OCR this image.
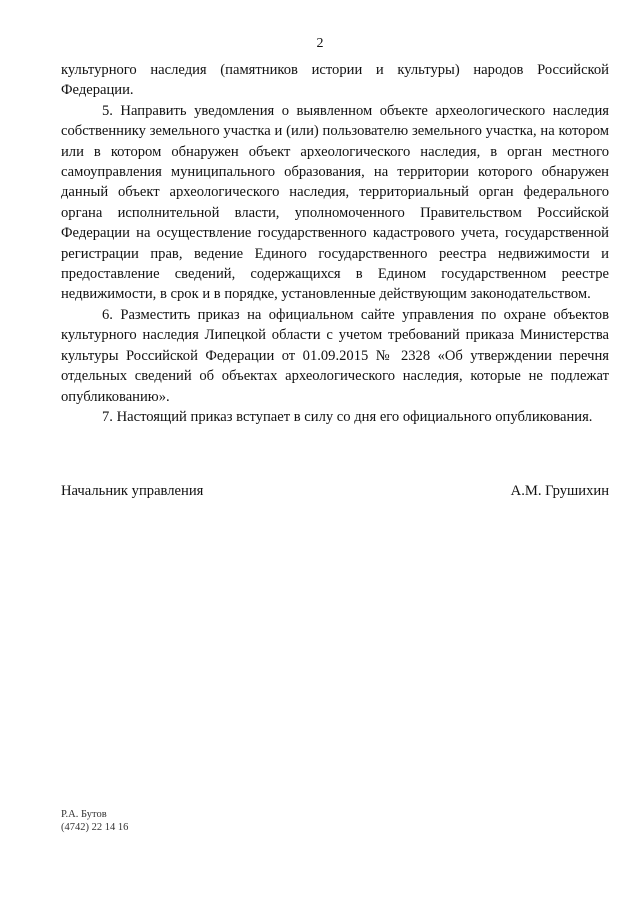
2

культурного наследия (памятников истории и культуры) народов Российской Федерации.

5. Направить уведомления о выявленном объекте археологического наследия собственнику земельного участка и (или) пользователю земельного участка, на котором или в котором обнаружен объект археологического наследия, в орган местного самоуправления муниципального образования, на территории которого обнаружен данный объект археологического наследия, территориальный орган федерального органа исполнительной власти, уполномоченного Правительством Российской Федерации на осуществление государственного кадастрового учета, государственной регистрации прав, ведение Единого государственного реестра недвижимости и предоставление сведений, содержащихся в Едином государственном реестре недвижимости, в срок и в порядке, установленные действующим законодательством.

6. Разместить приказ на официальном сайте управления по охране объектов культурного наследия Липецкой области с учетом требований приказа Министерства культуры Российской Федерации от 01.09.2015 № 2328 «Об утверждении перечня отдельных сведений об объектах археологического наследия, которые не подлежат опубликованию».

7. Настоящий приказ вступает в силу со дня его официального опубликования.

Начальник управления	А.М. Грушихин
Р.А. Бутов
(4742) 22 14 16
